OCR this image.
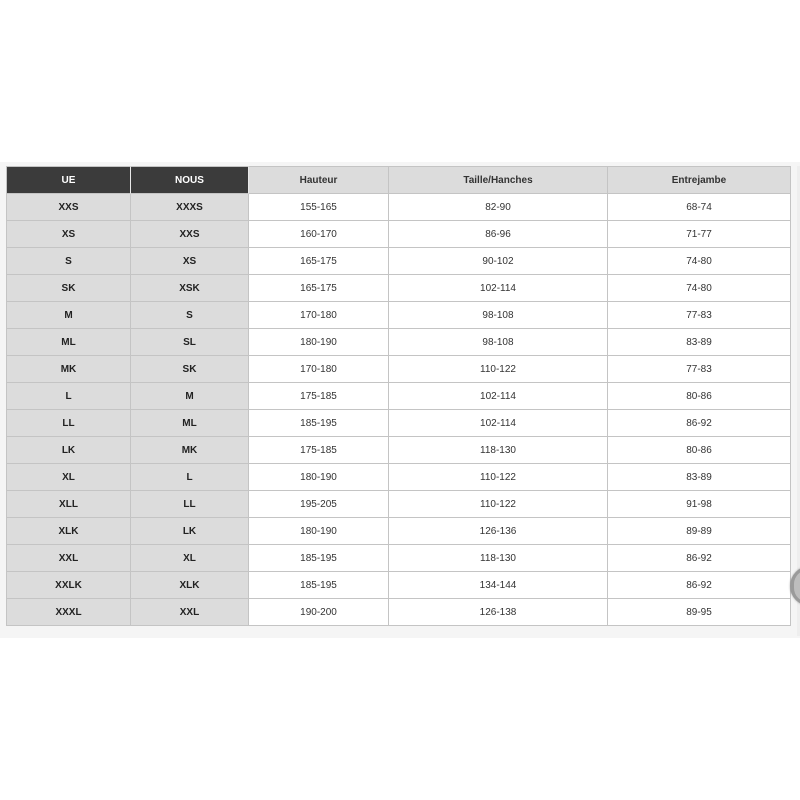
UE	NOUS	Hauteur	Taille/Hanches	Entrejambe
XXS	XXXS	155-165	82-90	68-74
XS	XXS	160-170	86-96	71-77
S	XS	165-175	90-102	74-80
SK	XSK	165-175	102-114	74-80
M	S	170-180	98-108	77-83
ML	SL	180-190	98-108	83-89
MK	SK	170-180	110-122	77-83
L	M	175-185	102-114	80-86
LL	ML	185-195	102-114	86-92
LK	MK	175-185	118-130	80-86
XL	L	180-190	110-122	83-89
XLL	LL	195-205	110-122	91-98
XLK	LK	180-190	126-136	89-89
XXL	XL	185-195	118-130	86-92
XXLK	XLK	185-195	134-144	86-92
XXXL	XXL	190-200	126-138	89-95
